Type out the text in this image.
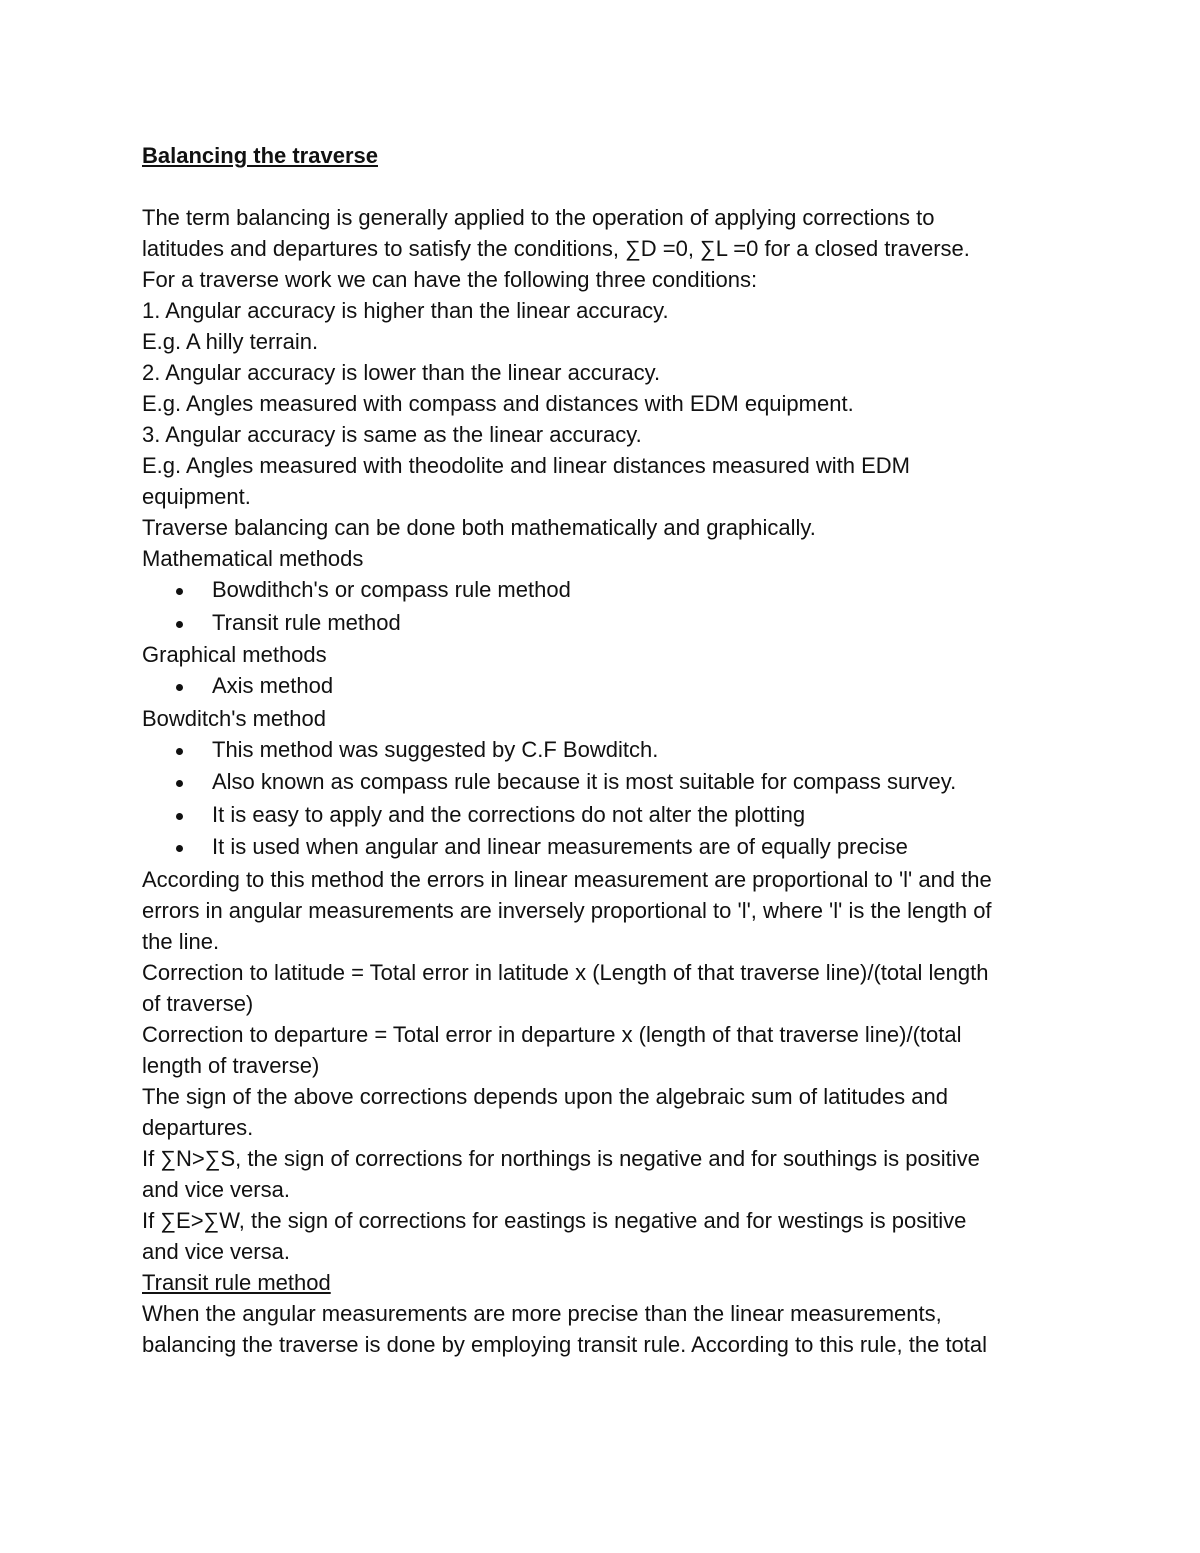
Balancing the traverse
The term balancing is generally applied to the operation of applying corrections to
latitudes and departures to satisfy the conditions, ∑D =0, ∑L =0 for a closed traverse.
For a traverse work we can have the following three conditions:
1. Angular accuracy is higher than the linear accuracy.
E.g. A hilly terrain.
2. Angular accuracy is lower than the linear accuracy.
E.g. Angles measured with compass and distances with EDM equipment.
3. Angular accuracy is same as the linear accuracy.
E.g. Angles measured with theodolite and linear distances measured with EDM
equipment.
Traverse balancing can be done both mathematically and graphically.
Mathematical methods
Bowdithch's or compass rule method
Transit rule method
Graphical methods
Axis method
Bowditch's method
This method was suggested by C.F Bowditch.
Also known as compass rule because it is most suitable for compass survey.
It is easy to apply and the corrections do not alter the plotting
It is used when angular and linear measurements are of equally precise
According to this method the errors in linear measurement are proportional to 'l' and the
errors in angular measurements are inversely proportional to 'l', where 'l' is the length of
the line.
Correction to latitude = Total error in latitude x (Length of that traverse line)/(total length
of traverse)
Correction to departure = Total error in departure x (length of that traverse line)/(total
length of traverse)
The sign of the above corrections depends upon the algebraic sum of latitudes and
departures.
If ∑N>∑S, the sign of corrections for northings is negative and for southings is positive
and vice versa.
If ∑E>∑W, the sign of corrections for eastings is negative and for westings is positive
and vice versa.
Transit rule method
When the angular measurements are more precise than the linear measurements,
balancing the traverse is done by employing transit rule. According to this rule, the total
